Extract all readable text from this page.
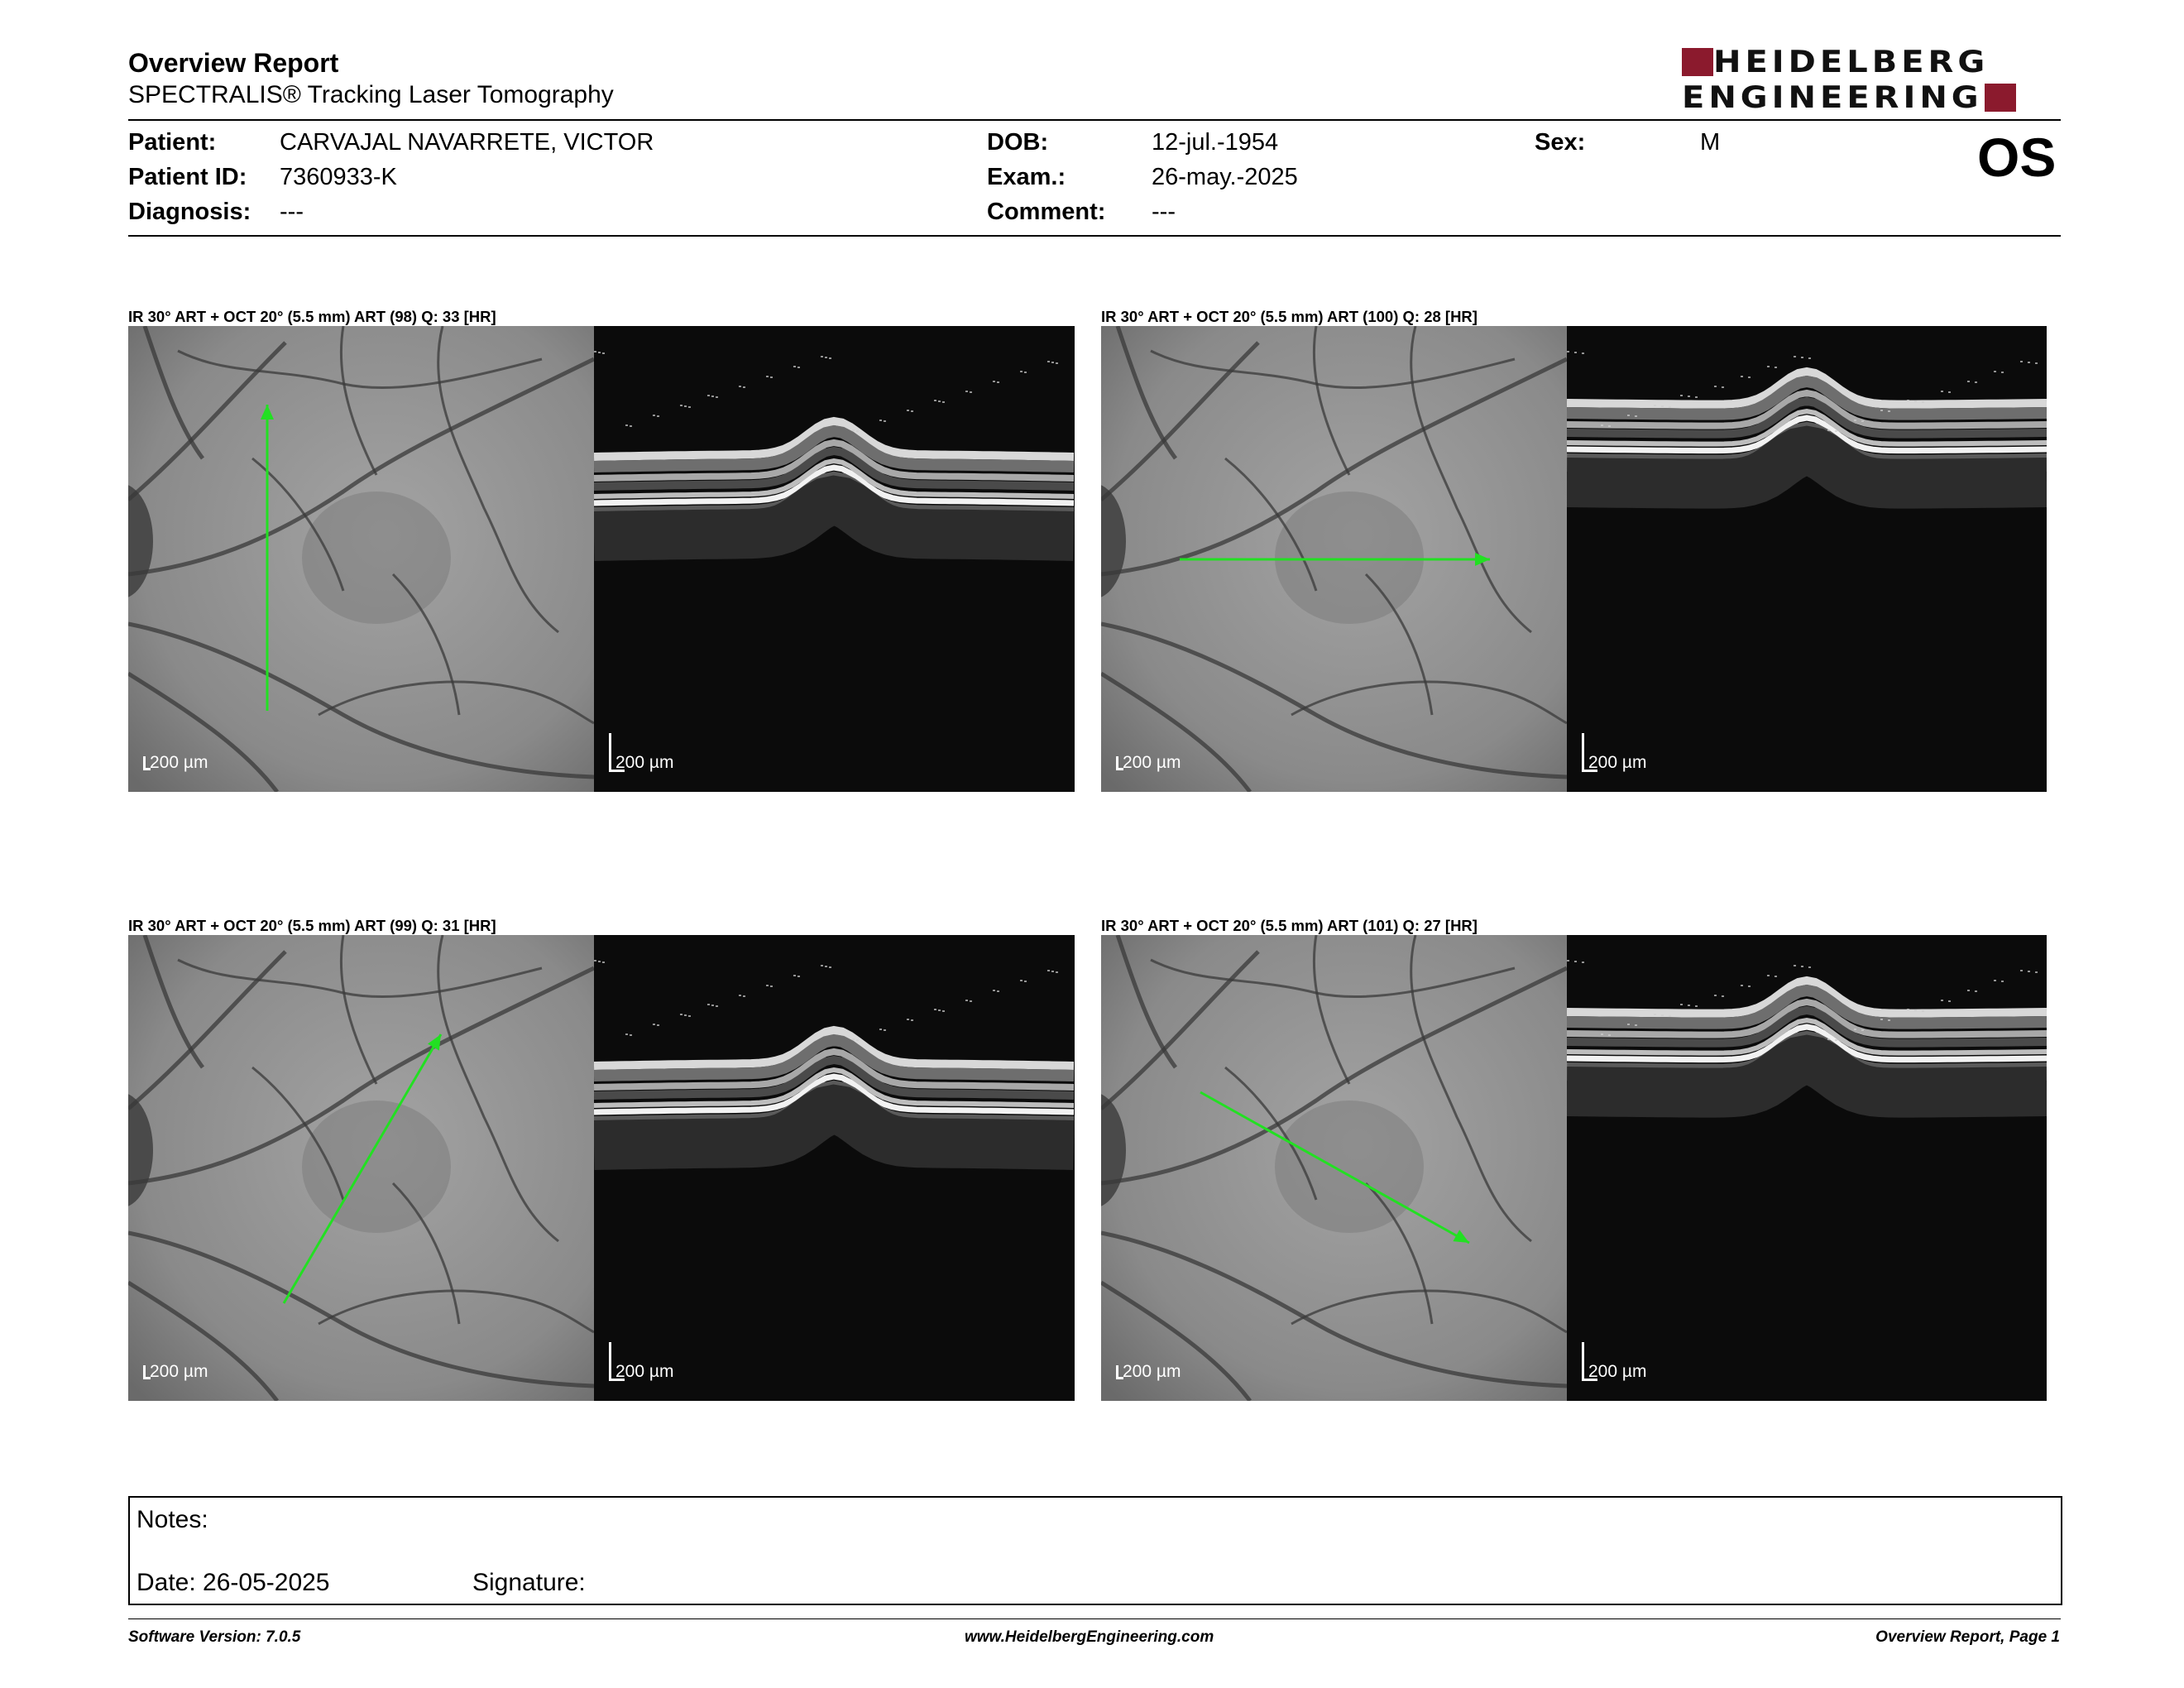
Overview Report
SPECTRALIS® Tracking Laser Tomography
HEIDELBERG
ENGINEERING
Patient:	CARVAJAL NAVARRETE, VICTOR
Patient ID: 7360933-K
Diagnosis: ---
DOB:	12-jul.-1954
Exam.:	26-may.-2025
Comment: ---
Sex:	M	OS
IR 30° ART + OCT 20° (5.5 mm) ART (98) Q: 33 [HR]	IR 30° ART + OCT 20° (5.5 mm) ART (100) Q: 28 [HR]
IR 30° ART + OCT 20° (5.5 mm) ART (99) Q: 31 [HR]	IR 30° ART + OCT 20° (5.5 mm) ART (101) Q: 27 [HR]
200 µm	200 µm	200 µm	200 µm
200 µm	200 µm	200 µm	200 µm
Notes:
Date: 26-05-2025	Signature:
Software Version: 7.0.5	www.HeidelbergEngineering.com	Overview Report, Page 1
